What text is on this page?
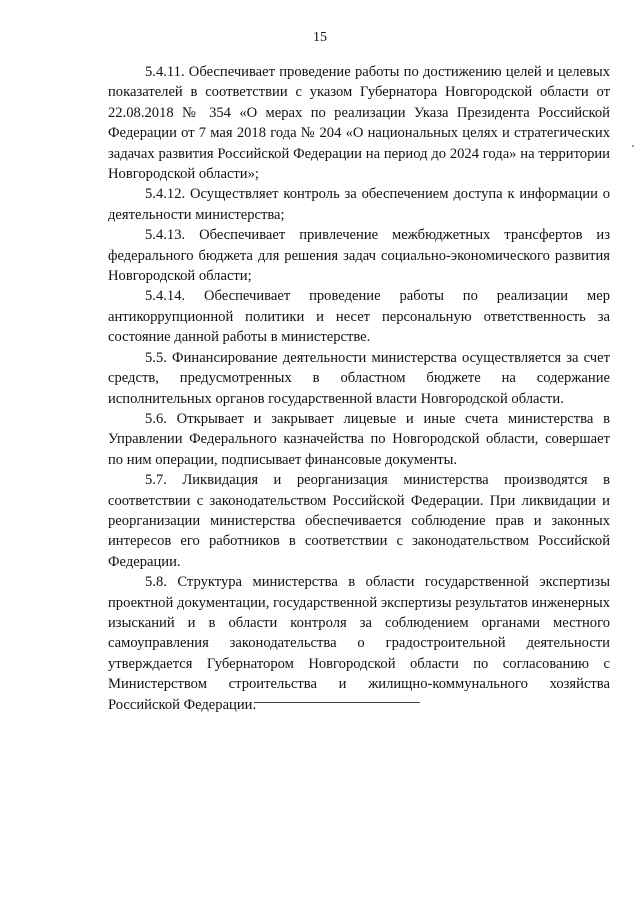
15

5.4.11. Обеспечивает проведение работы по достижению целей и целевых показателей в соответствии с указом Губернатора Новгородской области от 22.08.2018 № 354 «О мерах по реализации Указа Президента Российской Федерации от 7 мая 2018 года № 204 «О национальных целях и стратегических задачах развития Российской Федерации на период до 2024 года» на территории Новгородской области»;

5.4.12. Осуществляет контроль за обеспечением доступа к информации о деятельности министерства;

5.4.13. Обеспечивает привлечение межбюджетных трансфертов из федерального бюджета для решения задач социально-экономического развития Новгородской области;

5.4.14. Обеспечивает проведение работы по реализации мер антикоррупционной политики и несет персональную ответственность за состояние данной работы в министерстве.

5.5. Финансирование деятельности министерства осуществляется за счет средств, предусмотренных в областном бюджете на содержание исполнительных органов государственной власти Новгородской области.

5.6. Открывает и закрывает лицевые и иные счета министерства в Управлении Федерального казначейства по Новгородской области, совершает по ним операции, подписывает финансовые документы.

5.7. Ликвидация и реорганизация министерства производятся в соответствии с законодательством Российской Федерации. При ликвидации и реорганизации министерства обеспечивается соблюдение прав и законных интересов его работников в соответствии с законодательством Российской Федерации.

5.8. Структура министерства в области государственной экспертизы проектной документации, государственной экспертизы результатов инженерных изысканий и в области контроля за соблюдением органами местного самоуправления законодательства о градостроительной деятельности утверждается Губернатором Новгородской области по согласованию с Министерством строительства и жилищно-коммунального хозяйства Российской Федерации.
